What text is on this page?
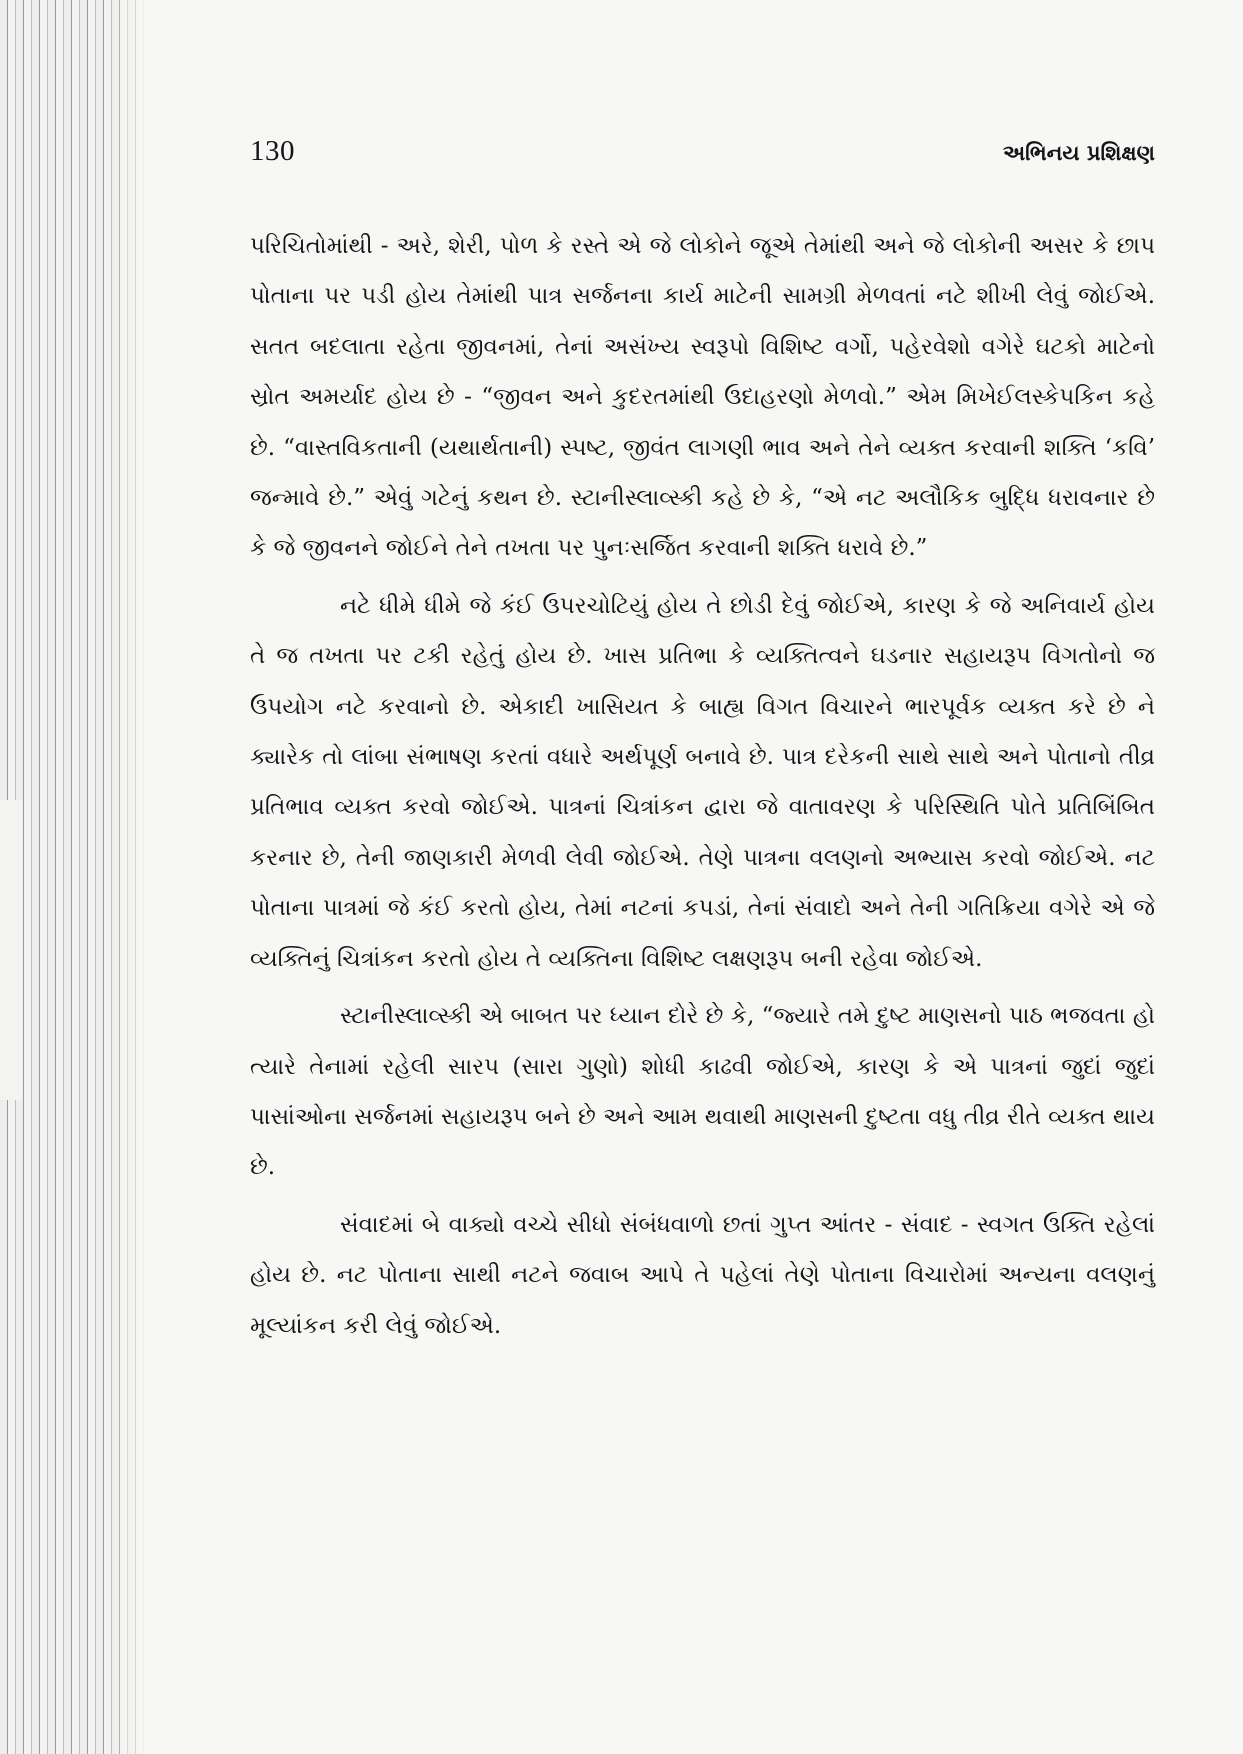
130	અભિનય પ્રશિક્ષણ

પરિચિતોમાંથી - અરે, શેરી, પોળ કે રસ્તે એ જે લોકોને જૂએ તેમાંથી અને જે લોકોની અસર કે છાપ પોતાના પર પડી હોય તેમાંથી પાત્ર સર્જનના કાર્ય માટેની સામગ્રી મેળવતાં નટે શીખી લેવું જોઈએ. સતત બદલાતા રહેતા જીવનમાં, તેનાં અસંખ્ય સ્વરૂપો વિશિષ્ટ વર્ગો, પહેરવેશો વગેરે ઘટકો માટેનો સ્રોત અમર્યાદ હોય છે - “જીવન અને કુદરતમાંથી ઉદાહરણો મેળવો.” એમ મિખેઈલસ્કેપકિન કહે છે. “વાસ્તવિકતાની (યથાર્થતાની) સ્પષ્ટ, જીવંત લાગણી ભાવ અને તેને વ્યક્ત કરવાની શક્તિ ‘કવિ’ જન્માવે છે.” એવું ગટેનું કથન છે. સ્ટાનીસ્લાવ્સ્કી કહે છે કે, “એ નટ અલૌકિક બુદ્ધિ ધરાવનાર છે કે જે જીવનને જોઈને તેને તખતા પર પુનઃસર્જિત કરવાની શક્તિ ધરાવે છે.”

નટે ધીમે ધીમે જે કંઈ ઉપરચોટિયું હોય તે છોડી દેવું જોઈએ, કારણ કે જે અનિવાર્ય હોય તે જ તખતા પર ટકી રહેતું હોય છે. ખાસ પ્રતિભા કે વ્યક્તિત્વને ઘડનાર સહાયરૂપ વિગતોનો જ ઉપયોગ નટે કરવાનો છે. એકાદી ખાસિયત કે બાહ્ય વિગત વિચારને ભારપૂર્વક વ્યક્ત કરે છે ને ક્યારેક તો લાંબા સંભાષણ કરતાં વધારે અર્થપૂર્ણ બનાવે છે. પાત્ર દરેકની સાથે સાથે અને પોતાનો તીવ્ર પ્રતિભાવ વ્યક્ત કરવો જોઈએ. પાત્રનાં ચિત્રાંકન દ્વારા જે વાતાવરણ કે પરિસ્થિતિ પોતે પ્રતિબિંબિત કરનાર છે, તેની જાણકારી મેળવી લેવી જોઈએ. તેણે પાત્રના વલણનો અભ્યાસ કરવો જોઈએ. નટ પોતાના પાત્રમાં જે કંઈ કરતો હોય, તેમાં નટનાં કપડાં, તેનાં સંવાદો અને તેની ગતિક્રિયા વગેરે એ જે વ્યક્તિનું ચિત્રાંકન કરતો હોય તે વ્યક્તિના વિશિષ્ટ લક્ષણરૂપ બની રહેવા જોઈએ.

સ્ટાનીસ્લાવ્સ્કી એ બાબત પર ધ્યાન દોરે છે કે, “જ્યારે તમે દુષ્ટ માણસનો પાઠ ભજવતા હો ત્યારે તેનામાં રહેલી સારપ (સારા ગુણો) શોધી કાઢવી જોઈએ, કારણ કે એ પાત્રનાં જુદાં જુદાં પાસાંઓના સર્જનમાં સહાયરૂપ બને છે અને આમ થવાથી માણસની દુષ્ટતા વધુ તીવ્ર રીતે વ્યક્ત થાય છે.

સંવાદમાં બે વાક્યો વચ્ચે સીધો સંબંધવાળો છતાં ગુપ્ત આંતર - સંવાદ - સ્વગત ઉક્તિ રહેલાં હોય છે. નટ પોતાના સાથી નટને જવાબ આપે તે પહેલાં તેણે પોતાના વિચારોમાં અન્યના વલણનું મૂલ્યાંકન કરી લેવું જોઈએ.
